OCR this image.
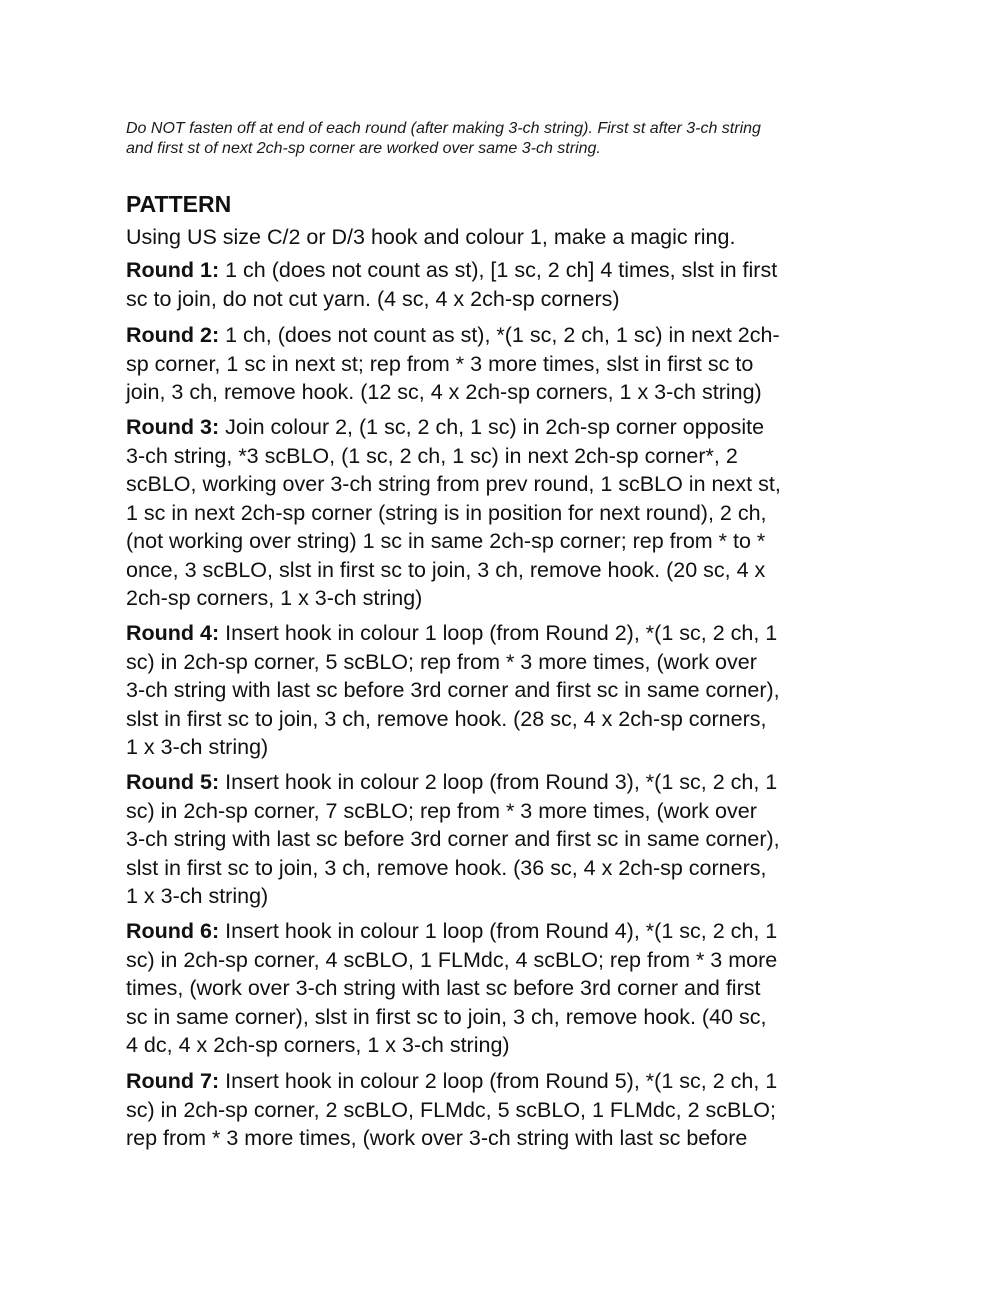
Do NOT fasten off at end of each round (after making 3-ch string). First st after 3-ch string
and first st of next 2ch-sp corner are worked over same 3-ch string.

PATTERN

Using US size C/2 or D/3 hook and colour 1, make a magic ring.

Round 1: 1 ch (does not count as st), [1 sc, 2 ch] 4 times, slst in first
sc to join, do not cut yarn. (4 sc, 4 x 2ch-sp corners)

Round 2: 1 ch, (does not count as st), *(1 sc, 2 ch, 1 sc) in next 2ch-
sp corner, 1 sc in next st; rep from * 3 more times, slst in first sc to
join, 3 ch, remove hook. (12 sc, 4 x 2ch-sp corners, 1 x 3-ch string)

Round 3: Join colour 2, (1 sc, 2 ch, 1 sc) in 2ch-sp corner opposite
3-ch string, *3 scBLO, (1 sc, 2 ch, 1 sc) in next 2ch-sp corner*, 2
scBLO, working over 3-ch string from prev round, 1 scBLO in next st,
1 sc in next 2ch-sp corner (string is in position for next round), 2 ch,
(not working over string) 1 sc in same 2ch-sp corner; rep from * to *
once, 3 scBLO, slst in first sc to join, 3 ch, remove hook. (20 sc, 4 x
2ch-sp corners, 1 x 3-ch string)

Round 4: Insert hook in colour 1 loop (from Round 2), *(1 sc, 2 ch, 1
sc) in 2ch-sp corner, 5 scBLO; rep from * 3 more times, (work over
3-ch string with last sc before 3rd corner and first sc in same corner),
slst in first sc to join, 3 ch, remove hook. (28 sc, 4 x 2ch-sp corners,
1 x 3-ch string)

Round 5: Insert hook in colour 2 loop (from Round 3), *(1 sc, 2 ch, 1
sc) in 2ch-sp corner, 7 scBLO; rep from * 3 more times, (work over
3-ch string with last sc before 3rd corner and first sc in same corner),
slst in first sc to join, 3 ch, remove hook. (36 sc, 4 x 2ch-sp corners,
1 x 3-ch string)

Round 6: Insert hook in colour 1 loop (from Round 4), *(1 sc, 2 ch, 1
sc) in 2ch-sp corner, 4 scBLO, 1 FLMdc, 4 scBLO; rep from * 3 more
times, (work over 3-ch string with last sc before 3rd corner and first
sc in same corner), slst in first sc to join, 3 ch, remove hook. (40 sc,
4 dc, 4 x 2ch-sp corners, 1 x 3-ch string)

Round 7: Insert hook in colour 2 loop (from Round 5), *(1 sc, 2 ch, 1
sc) in 2ch-sp corner, 2 scBLO, FLMdc, 5 scBLO, 1 FLMdc, 2 scBLO;
rep from * 3 more times, (work over 3-ch string with last sc before
